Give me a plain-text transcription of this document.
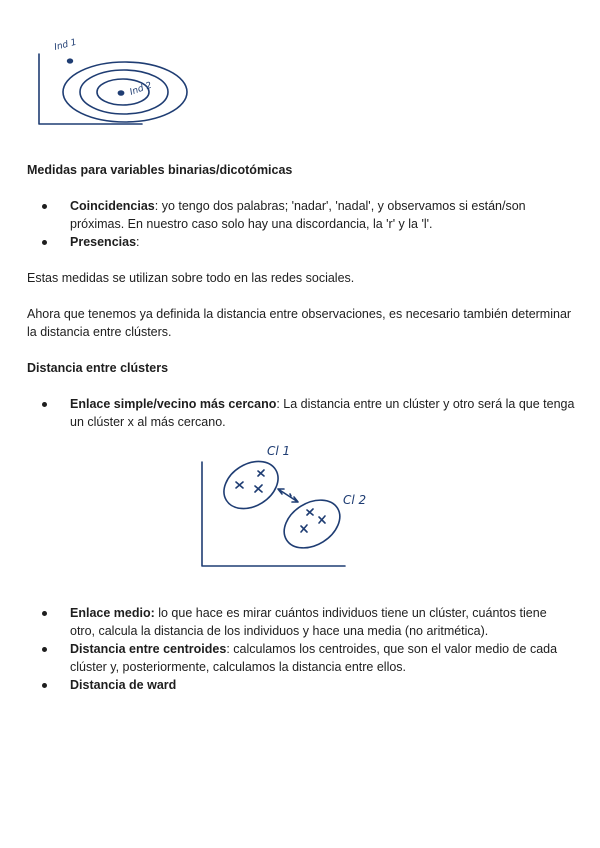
Ind 1
Ind 2
Medidas para variables binarias/dicotómicas
Coincidencias: yo tengo dos palabras; 'nadar', 'nadal', y observamos si están/son próximas. En nuestro caso solo hay una discordancia, la 'r' y la 'l'.
Presencias:
Estas medidas se utilizan sobre todo en las redes sociales.
Ahora que tenemos ya definida la distancia entre observaciones, es necesario también determinar la distancia entre clústers.
Distancia entre clústers
Enlace simple/vecino más cercano: La distancia entre un clúster y otro será la que tenga un clúster x al más cercano.
Cl 1
Cl 2
Enlace medio: lo que hace es mirar cuántos individuos tiene un clúster, cuántos tiene otro, calcula la distancia de los individuos y hace una media (no aritmética).
Distancia entre centroides: calculamos los centroides, que son el valor medio de cada clúster y, posteriormente, calculamos la distancia entre ellos.
Distancia de ward
